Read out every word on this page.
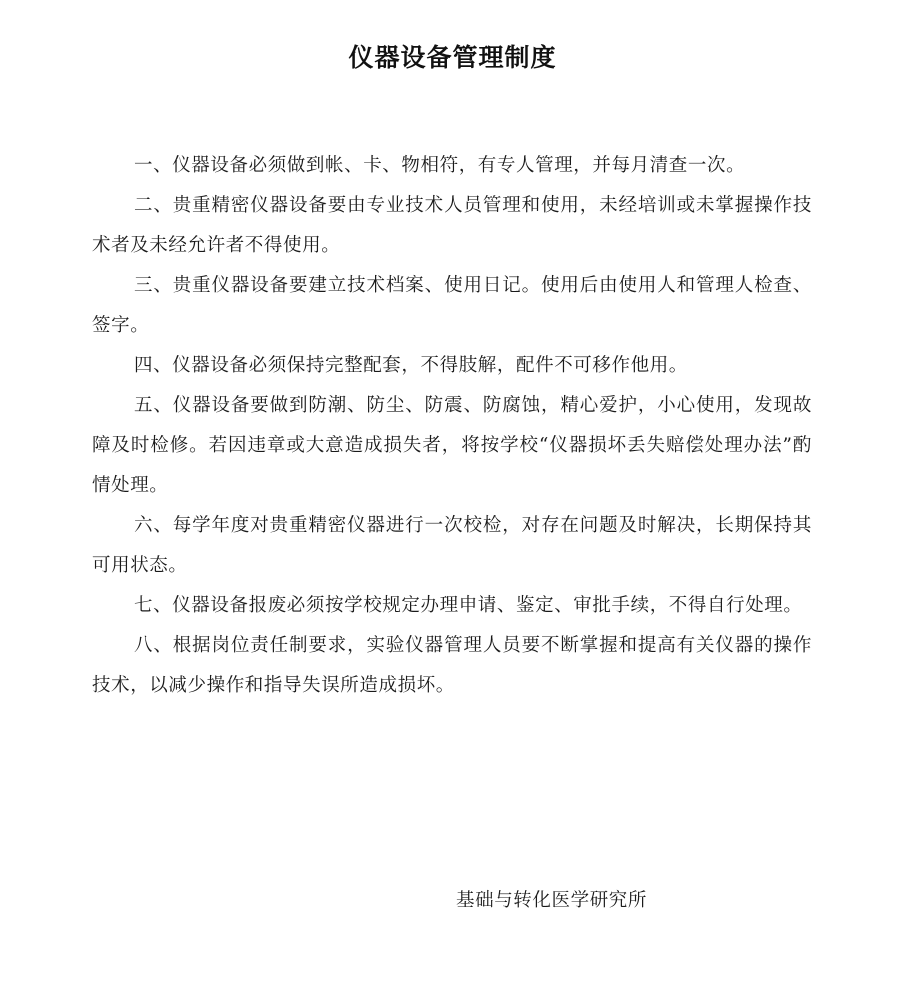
仪器设备管理制度

一、仪器设备必须做到帐、卡、物相符，有专人管理，并每月清查一次。

二、贵重精密仪器设备要由专业技术人员管理和使用，未经培训或未掌握操作技术者及未经允许者不得使用。

三、贵重仪器设备要建立技术档案、使用日记。使用后由使用人和管理人检查、签字。

四、仪器设备必须保持完整配套，不得肢解，配件不可移作他用。

五、仪器设备要做到防潮、防尘、防震、防腐蚀，精心爱护，小心使用，发现故障及时检修。若因违章或大意造成损失者，将按学校“仪器损坏丢失赔偿处理办法”酌情处理。

六、每学年度对贵重精密仪器进行一次校检，对存在问题及时解决，长期保持其可用状态。

七、仪器设备报废必须按学校规定办理申请、鉴定、审批手续，不得自行处理。

八、根据岗位责任制要求，实验仪器管理人员要不断掌握和提高有关仪器的操作技术，以减少操作和指导失误所造成损坏。

基础与转化医学研究所
